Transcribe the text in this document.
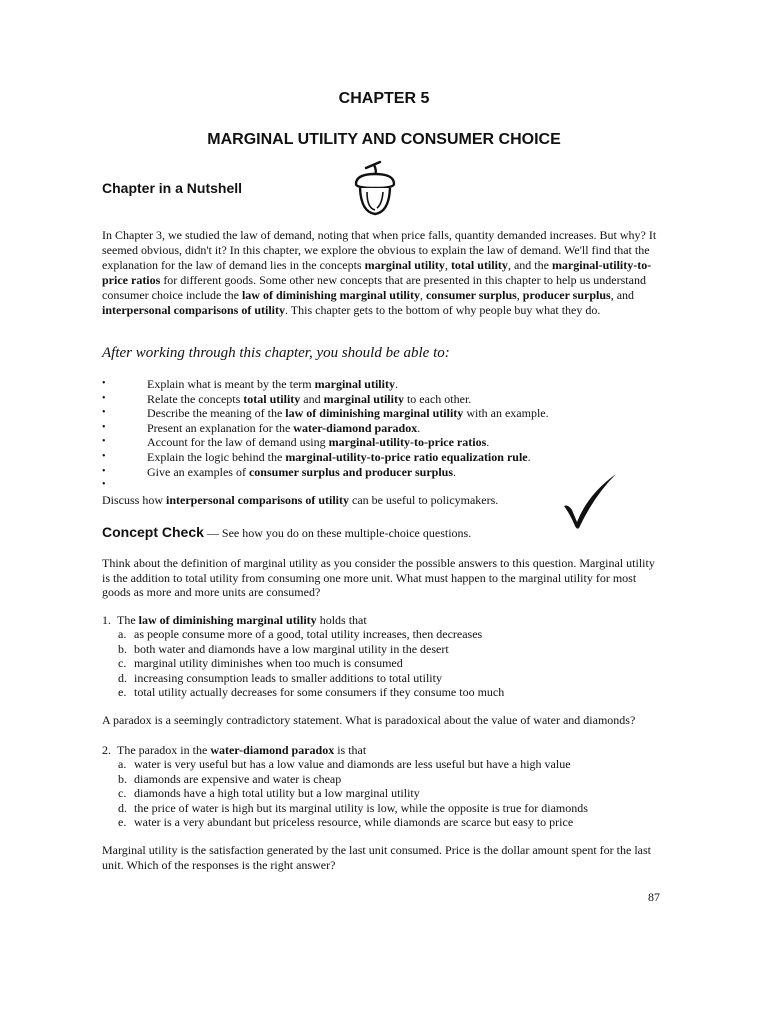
CHAPTER 5
MARGINAL UTILITY AND CONSUMER CHOICE
Chapter in a Nutshell

In Chapter 3, we studied the law of demand, noting that when price falls, quantity demanded increases. But why? It seemed obvious, didn't it? In this chapter, we explore the obvious to explain the law of demand. We'll find that the explanation for the law of demand lies in the concepts marginal utility, total utility, and the marginal-utility-to-price ratios for different goods. Some other new concepts that are presented in this chapter to help us understand consumer choice include the law of diminishing marginal utility, consumer surplus, producer surplus, and interpersonal comparisons of utility. This chapter gets to the bottom of why people buy what they do.

After working through this chapter, you should be able to:
•	Explain what is meant by the term marginal utility.
•	Relate the concepts total utility and marginal utility to each other.
•	Describe the meaning of the law of diminishing marginal utility with an example.
•	Present an explanation for the water-diamond paradox.
•	Account for the law of demand using marginal-utility-to-price ratios.
•	Explain the logic behind the marginal-utility-to-price ratio equalization rule.
•	Give an examples of consumer surplus and producer surplus.
•
Discuss how interpersonal comparisons of utility can be useful to policymakers.
Concept Check — See how you do on these multiple-choice questions.

Think about the definition of marginal utility as you consider the possible answers to this question. Marginal utility is the addition to total utility from consuming one more unit. What must happen to the marginal utility for most goods as more and more units are consumed?

1. The law of diminishing marginal utility holds that
a. as people consume more of a good, total utility increases, then decreases
b. both water and diamonds have a low marginal utility in the desert
c. marginal utility diminishes when too much is consumed
d. increasing consumption leads to smaller additions to total utility
e. total utility actually decreases for some consumers if they consume too much

A paradox is a seemingly contradictory statement. What is paradoxical about the value of water and diamonds?

2. The paradox in the water-diamond paradox is that
a. water is very useful but has a low value and diamonds are less useful but have a high value
b. diamonds are expensive and water is cheap
c. diamonds have a high total utility but a low marginal utility
d. the price of water is high but its marginal utility is low, while the opposite is true for diamonds
e. water is a very abundant but priceless resource, while diamonds are scarce but easy to price

Marginal utility is the satisfaction generated by the last unit consumed. Price is the dollar amount spent for the last unit. Which of the responses is the right answer?

87
